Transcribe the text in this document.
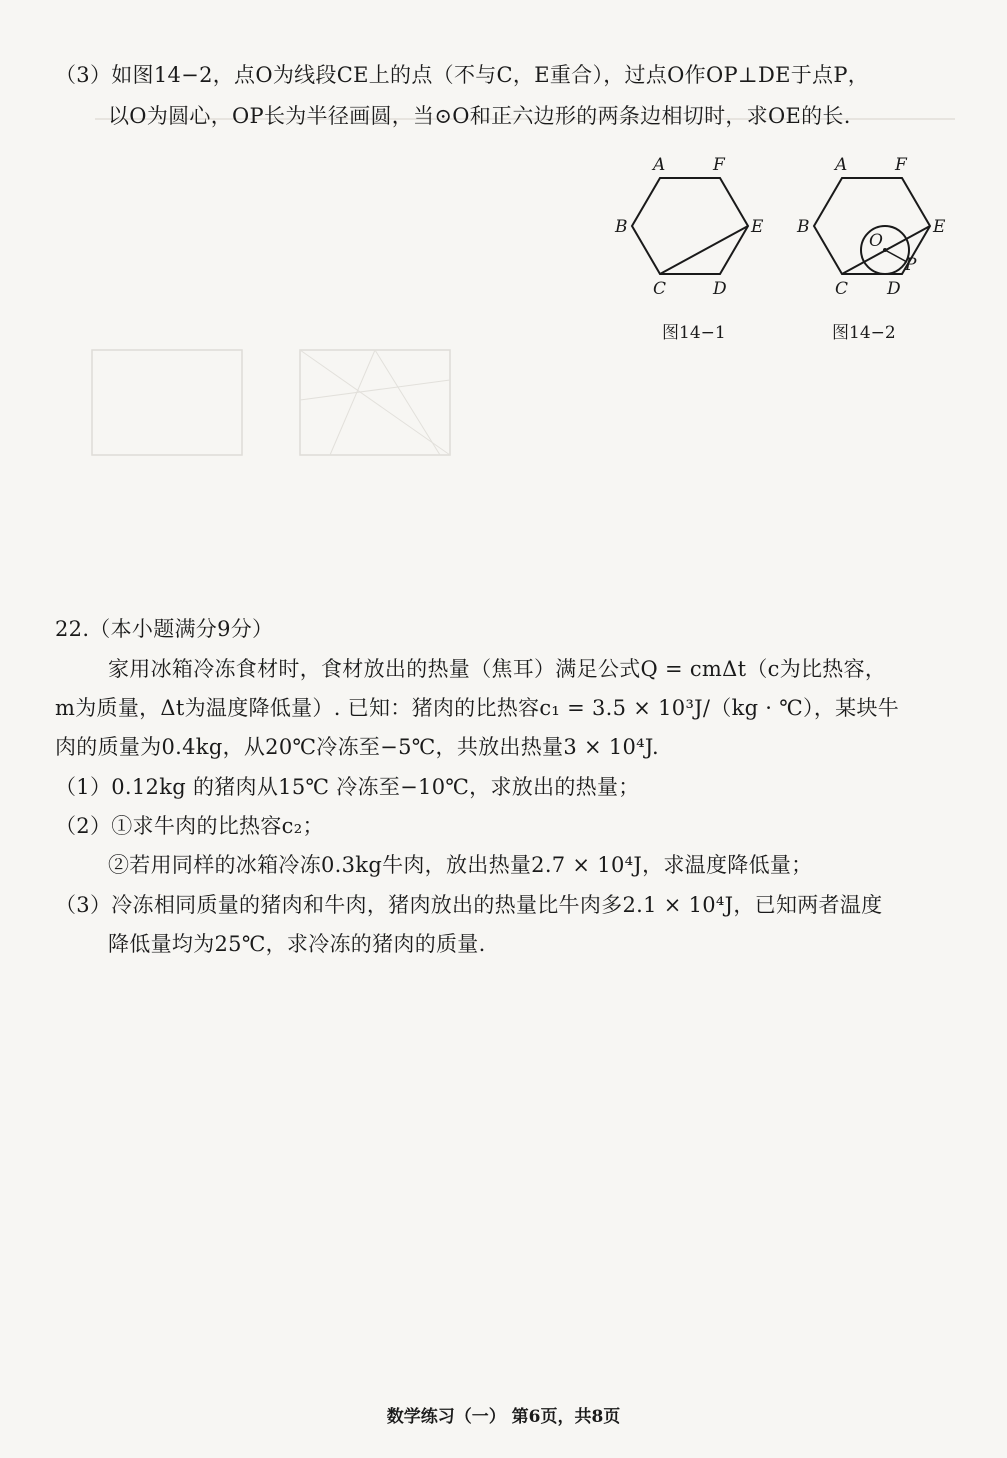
（3）如图14−2，点O为线段CE上的点（不与C，E重合），过点O作OP⊥DE于点P，
以O为圆心，OP长为半径画圆，当⊙O和正六边形的两条边相切时，求OE的长.
A	F
B	E
C	D
图14−1
A	F
B	E
C D
O
P
图14−2
22.（本小题满分9分）
家用冰箱冷冻食材时，食材放出的热量（焦耳）满足公式Q = cmΔt（c为比热容，
m为质量，Δt为温度降低量）. 已知：猪肉的比热容c₁ = 3.5 × 10³J/（kg · ℃），某块牛
肉的质量为0.4kg，从20℃冷冻至−5℃，共放出热量3 × 10⁴J.
（1）0.12kg 的猪肉从15℃ 冷冻至−10℃，求放出的热量；
（2）①求牛肉的比热容c₂；
②若用同样的冰箱冷冻0.3kg牛肉，放出热量2.7 × 10⁴J，求温度降低量；
（3）冷冻相同质量的猪肉和牛肉，猪肉放出的热量比牛肉多2.1 × 10⁴J，已知两者温度
降低量均为25℃，求冷冻的猪肉的质量.
数学练习（一） 第6页，共8页
